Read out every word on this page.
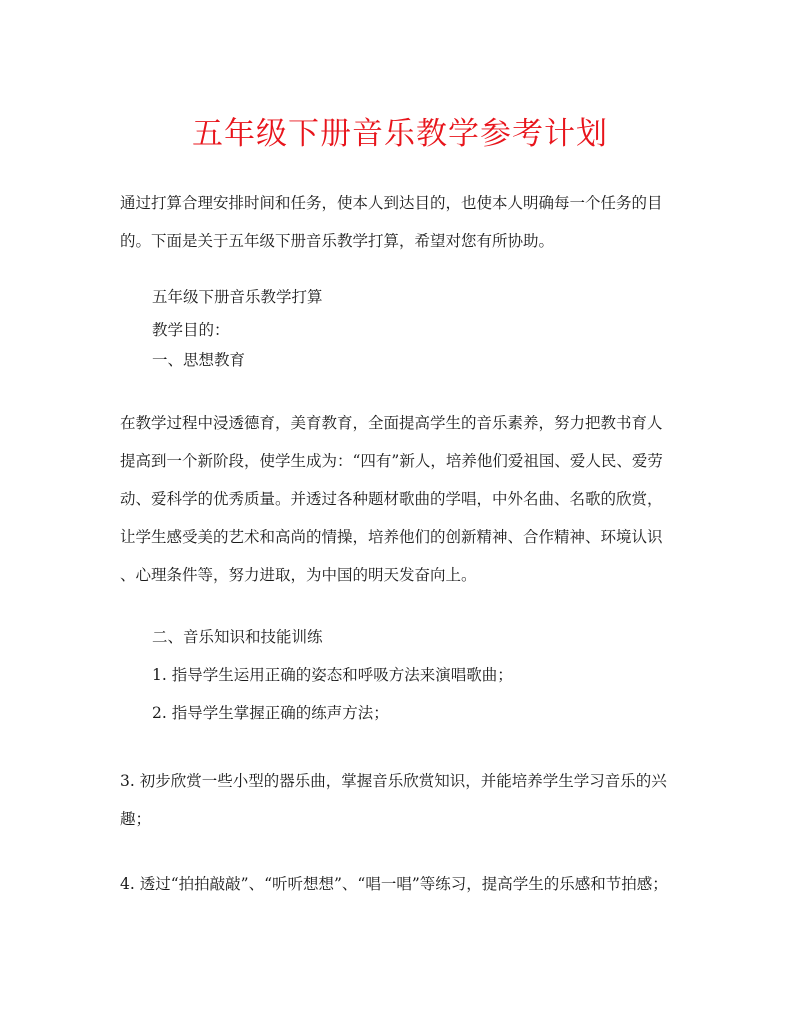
五年级下册音乐教学参考计划
通过打算合理安排时间和任务，使本人到达目的，也使本人明确每一个任务的目
的。下面是关于五年级下册音乐教学打算，希望对您有所协助。
五年级下册音乐教学打算
教学目的：
一、思想教育
在教学过程中浸透德育，美育教育，全面提高学生的音乐素养，努力把教书育人
提高到一个新阶段，使学生成为：“四有”新人，培养他们爱祖国、爱人民、爱劳
动、爱科学的优秀质量。并透过各种题材歌曲的学唱，中外名曲、名歌的欣赏，
让学生感受美的艺术和高尚的情操，培养他们的创新精神、合作精神、环境认识
、心理条件等，努力进取，为中国的明天发奋向上。
二、音乐知识和技能训练
1. 指导学生运用正确的姿态和呼吸方法来演唱歌曲；
2. 指导学生掌握正确的练声方法；
3. 初步欣赏一些小型的器乐曲，掌握音乐欣赏知识，并能培养学生学习音乐的兴
趣；
4. 透过“拍拍敲敲”、“听听想想”、“唱一唱”等练习，提高学生的乐感和节拍感；
